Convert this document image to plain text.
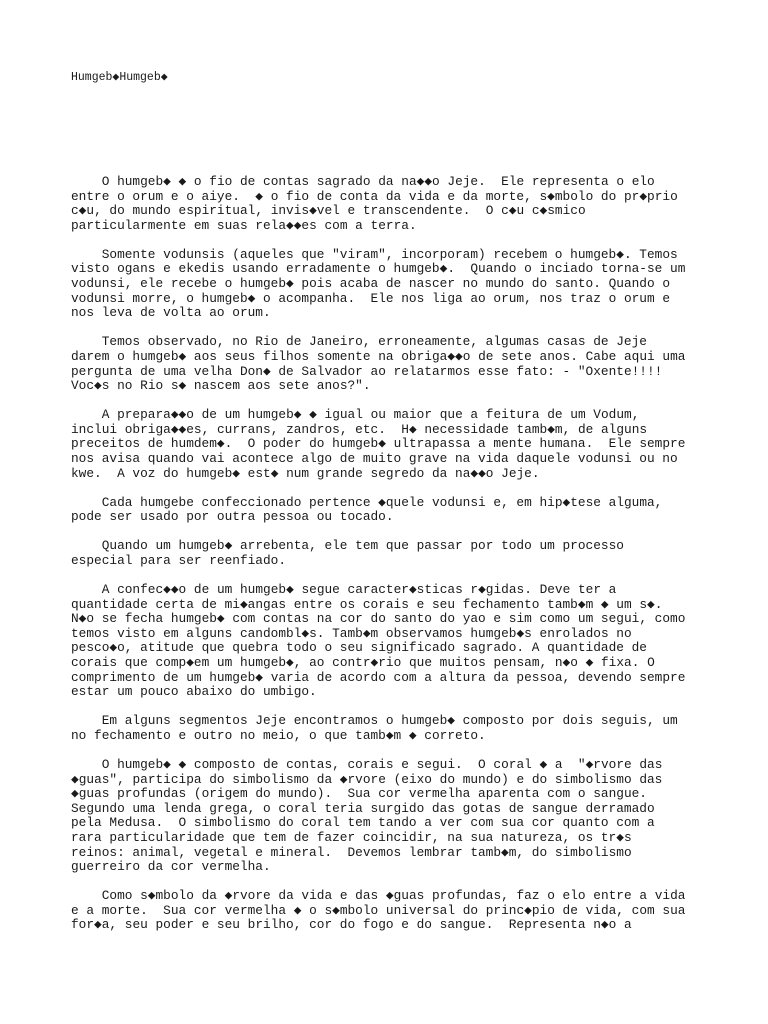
Humgeb◆Humgeb◆
O humgeb◆ ◆ o fio de contas sagrado da na◆◆o Jeje.  Ele representa o elo
entre o orum e o aiye.  ◆ o fio de conta da vida e da morte, s◆mbolo do pr◆prio
c◆u, do mundo espiritual, invis◆vel e transcendente.  O c◆u c◆smico
particularmente em suas rela◆◆es com a terra.
Somente vodunsis (aqueles que "viram", incorporam) recebem o humgeb◆. Temos
visto ogans e ekedis usando erradamente o humgeb◆.  Quando o inciado torna-se um
vodunsi, ele recebe o humgeb◆ pois acaba de nascer no mundo do santo. Quando o
vodunsi morre, o humgeb◆ o acompanha.  Ele nos liga ao orum, nos traz o orum e
nos leva de volta ao orum.
Temos observado, no Rio de Janeiro, erroneamente, algumas casas de Jeje
darem o humgeb◆ aos seus filhos somente na obriga◆◆o de sete anos. Cabe aqui uma
pergunta de uma velha Don◆ de Salvador ao relatarmos esse fato: - "Oxente!!!!
Voc◆s no Rio s◆ nascem aos sete anos?".
A prepara◆◆o de um humgeb◆ ◆ igual ou maior que a feitura de um Vodum,
inclui obriga◆◆es, currans, zandros, etc.  H◆ necessidade tamb◆m, de alguns
preceitos de humdem◆.  O poder do humgeb◆ ultrapassa a mente humana.  Ele sempre
nos avisa quando vai acontece algo de muito grave na vida daquele vodunsi ou no
kwe.  A voz do humgeb◆ est◆ num grande segredo da na◆◆o Jeje.
Cada humgebe confeccionado pertence ◆quele vodunsi e, em hip◆tese alguma,
pode ser usado por outra pessoa ou tocado.
Quando um humgeb◆ arrebenta, ele tem que passar por todo um processo
especial para ser reenfiado.
A confec◆◆o de um humgeb◆ segue caracter◆sticas r◆gidas. Deve ter a
quantidade certa de mi◆angas entre os corais e seu fechamento tamb◆m ◆ um s◆.
N◆o se fecha humgeb◆ com contas na cor do santo do yao e sim como um segui, como
temos visto em alguns candombl◆s. Tamb◆m observamos humgeb◆s enrolados no
pesco◆o, atitude que quebra todo o seu significado sagrado. A quantidade de
corais que comp◆em um humgeb◆, ao contr◆rio que muitos pensam, n◆o ◆ fixa. O
comprimento de um humgeb◆ varia de acordo com a altura da pessoa, devendo sempre
estar um pouco abaixo do umbigo.
Em alguns segmentos Jeje encontramos o humgeb◆ composto por dois seguis, um
no fechamento e outro no meio, o que tamb◆m ◆ correto.
O humgeb◆ ◆ composto de contas, corais e segui.  O coral ◆ a  "◆rvore das
◆guas", participa do simbolismo da ◆rvore (eixo do mundo) e do simbolismo das
◆guas profundas (origem do mundo).  Sua cor vermelha aparenta com o sangue.
Segundo uma lenda grega, o coral teria surgido das gotas de sangue derramado
pela Medusa.  O simbolismo do coral tem tando a ver com sua cor quanto com a
rara particularidade que tem de fazer coincidir, na sua natureza, os tr◆s
reinos: animal, vegetal e mineral.  Devemos lembrar tamb◆m, do simbolismo
guerreiro da cor vermelha.
Como s◆mbolo da ◆rvore da vida e das ◆guas profundas, faz o elo entre a vida
e a morte.  Sua cor vermelha ◆ o s◆mbolo universal do princ◆pio de vida, com sua
for◆a, seu poder e seu brilho, cor do fogo e do sangue.  Representa n◆o a
